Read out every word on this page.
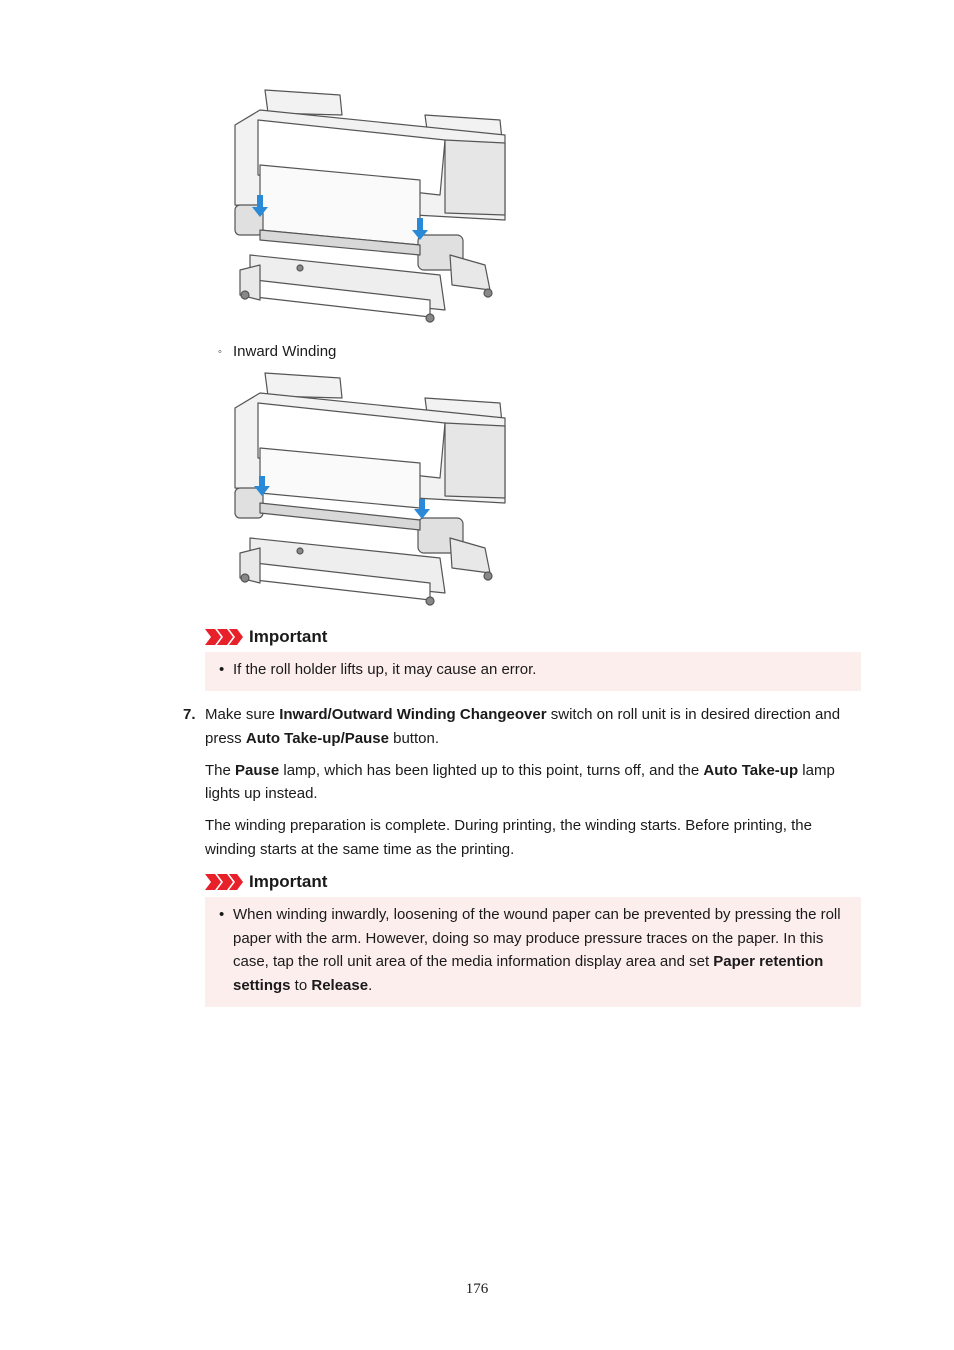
◦ Inward Winding
Important
• If the roll holder lifts up, it may cause an error.
7. Make sure Inward/Outward Winding Changeover switch on roll unit is in desired direction and press Auto Take-up/Pause button.

The Pause lamp, which has been lighted up to this point, turns off, and the Auto Take-up lamp lights up instead.

The winding preparation is complete. During printing, the winding starts. Before printing, the winding starts at the same time as the printing.

Important
• When winding inwardly, loosening of the wound paper can be prevented by pressing the roll paper with the arm. However, doing so may produce pressure traces on the paper. In this case, tap the roll unit area of the media information display area and set Paper retention settings to Release.
176
